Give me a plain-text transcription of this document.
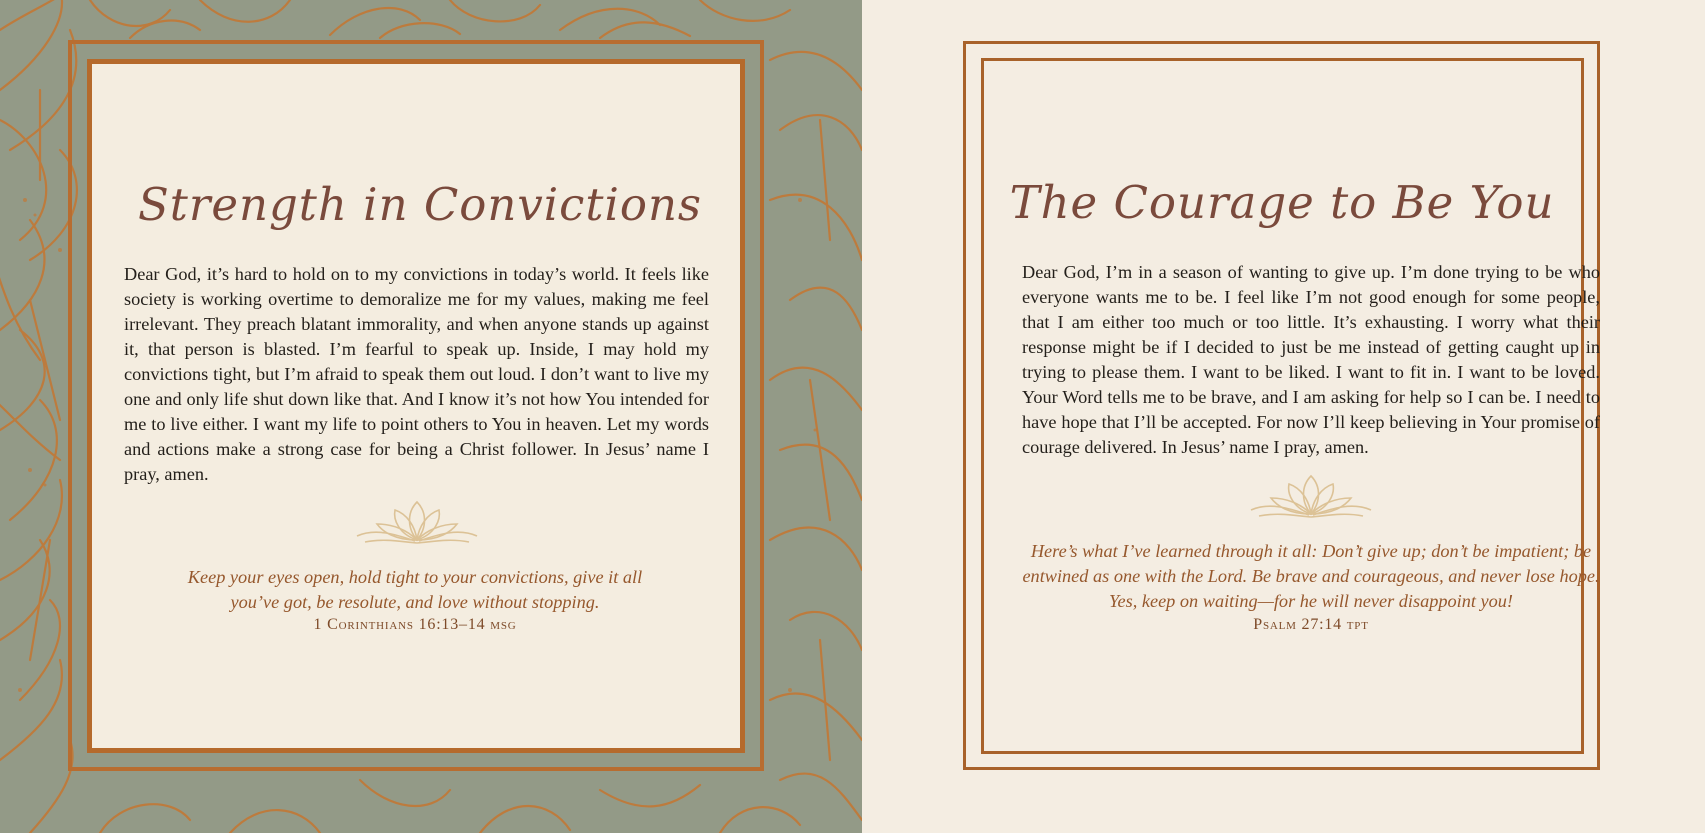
Strength in Convictions

Dear God, it’s hard to hold on to my convictions in today’s world. It feels like society is working overtime to demoralize me for my values, making me feel irrelevant. They preach blatant immorality, and when anyone stands up against it, that person is blasted. I’m fearful to speak up. Inside, I may hold my convictions tight, but I’m afraid to speak them out loud. I don’t want to live my one and only life shut down like that. And I know it’s not how You intended for me to live either. I want my life to point others to You in heaven. Let my words and actions make a strong case for being a Christ follower. In Jesus’ name I pray, amen.

Keep your eyes open, hold tight to your convictions, give it all you’ve got, be resolute, and love without stopping.

1 Corinthians 16:13–14 msg

The Courage to Be You

Dear God, I’m in a season of wanting to give up. I’m done trying to be who everyone wants me to be. I feel like I’m not good enough for some people, that I am either too much or too little. It’s exhausting. I worry what their response might be if I decided to just be me instead of getting caught up in trying to please them. I want to be liked. I want to fit in. I want to be loved. Your Word tells me to be brave, and I am asking for help so I can be. I need to have hope that I’ll be accepted. For now I’ll keep believing in Your promise of courage delivered. In Jesus’ name I pray, amen.

Here’s what I’ve learned through it all: Don’t give up; don’t be impatient; be entwined as one with the Lord. Be brave and courageous, and never lose hope. Yes, keep on waiting—for he will never disappoint you!

Psalm 27:14 tpt
